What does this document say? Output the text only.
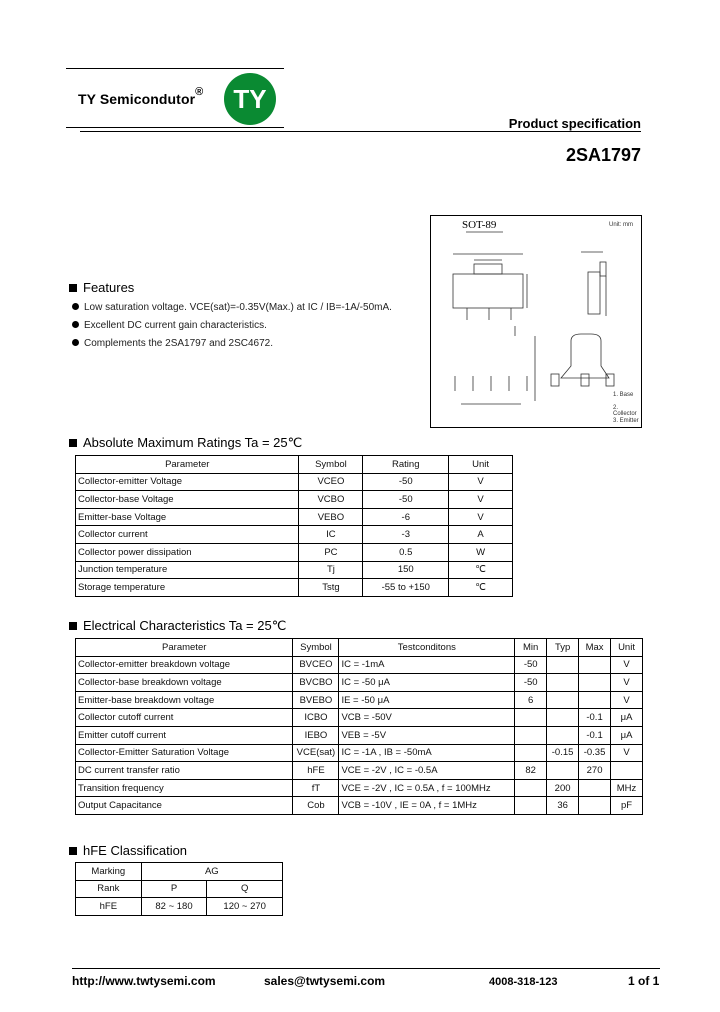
TY Semicondutor® TY
Product specification
2SA1797
SOT-89	Unit: mm
1. Base
2. Collector
3. Emitter
Features
Low saturation voltage. VCE(sat)=-0.35V(Max.) at IC / IB=-1A/-50mA.
Excellent DC current gain characteristics.
Complements the 2SA1797 and 2SC4672.
Absolute Maximum Ratings Ta = 25℃
Parameter	Symbol	Rating	Unit
Collector-emitter Voltage	VCEO	-50	V
Collector-base Voltage	VCBO	-50	V
Emitter-base Voltage	VEBO	-6	V
Collector current	IC	-3	A
Collector power dissipation	PC	0.5	W
Junction temperature	Tj	150	℃
Storage temperature	Tstg	-55 to +150	℃
Electrical Characteristics Ta = 25℃
Parameter	Symbol	Testconditons	Min	Typ	Max	Unit
Collector-emitter breakdown voltage	BVCEO	IC = -1mA	-50			V
Collector-base breakdown voltage	BVCBO	IC = -50 μA	-50			V
Emitter-base breakdown voltage	BVEBO	IE = -50 μA	6			V
Collector cutoff current	ICBO	VCB = -50V			-0.1	μA
Emitter cutoff current	IEBO	VEB = -5V			-0.1	μA
Collector-Emitter Saturation Voltage	VCE(sat)	IC = -1A , IB = -50mA		-0.15	-0.35	V
DC current transfer ratio	hFE	VCE = -2V , IC = -0.5A	82		270	
Transition frequency	fT	VCE = -2V , IC = 0.5A , f = 100MHz		200		MHz
Output Capacitance	Cob	VCB = -10V , IE = 0A , f = 1MHz		36		pF
hFE Classification
Marking	AG	
Rank	P	Q
hFE	82 ~ 180	120 ~ 270
http://www.twtysemi.com	sales@twtysemi.com	4008-318-123	1 of 1
